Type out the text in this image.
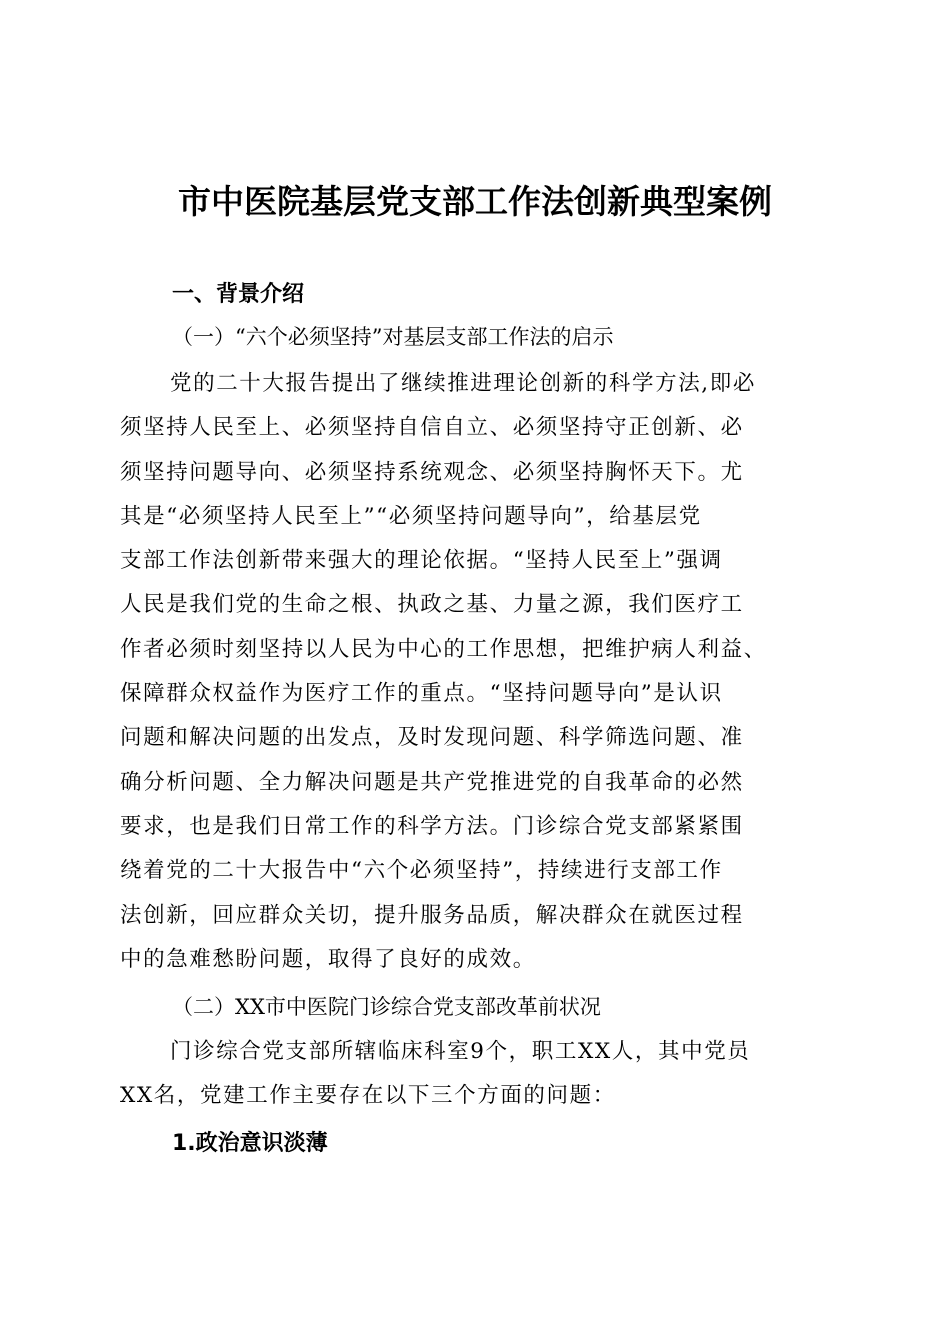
市中医院基层党支部工作法创新典型案例
一、背景介绍
（一）“六个必须坚持”对基层支部工作法的启示
党的二十大报告提出了继续推进理论创新的科学方法,即必
须坚持人民至上、必须坚持自信自立、必须坚持守正创新、必
须坚持问题导向、必须坚持系统观念、必须坚持胸怀天下。尤
其是“必须坚持人民至上”“必须坚持问题导向”，给基层党
支部工作法创新带来强大的理论依据。“坚持人民至上”强调
人民是我们党的生命之根、执政之基、力量之源，我们医疗工
作者必须时刻坚持以人民为中心的工作思想，把维护病人利益、
保障群众权益作为医疗工作的重点。“坚持问题导向”是认识
问题和解决问题的出发点，及时发现问题、科学筛选问题、准
确分析问题、全力解决问题是共产党推进党的自我革命的必然
要求，也是我们日常工作的科学方法。门诊综合党支部紧紧围
绕着党的二十大报告中“六个必须坚持”，持续进行支部工作
法创新，回应群众关切，提升服务品质，解决群众在就医过程
中的急难愁盼问题，取得了良好的成效。
（二）XX市中医院门诊综合党支部改革前状况
门诊综合党支部所辖临床科室9个，职工XX人，其中党员
XX名，党建工作主要存在以下三个方面的问题：
1.政治意识淡薄
